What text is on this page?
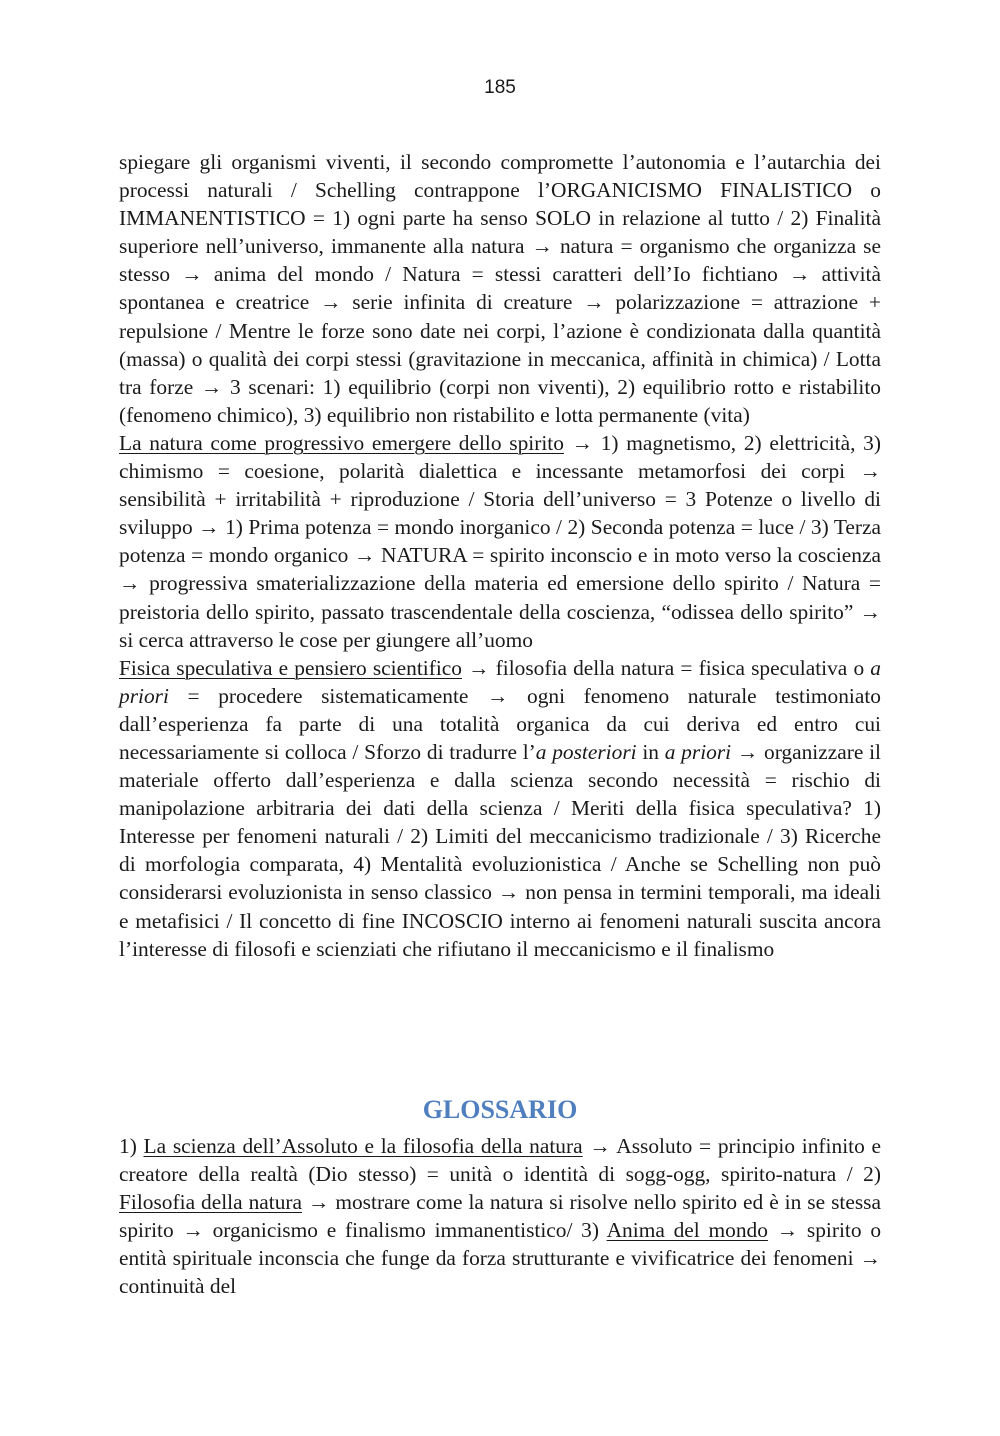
185

spiegare gli organismi viventi, il secondo compromette l’autonomia e l’autarchia dei processi naturali / Schelling contrappone l’ORGANICISMO FINALISTICO o IMMANENTISTICO = 1) ogni parte ha senso SOLO in relazione al tutto / 2) Finalità superiore nell’universo, immanente alla natura → natura = organismo che organizza se stesso → anima del mondo / Natura = stessi caratteri dell’Io fichtiano → attività spontanea e creatrice → serie infinita di creature → polarizzazione = attrazione + repulsione / Mentre le forze sono date nei corpi, l’azione è condizionata dalla quantità (massa) o qualità dei corpi stessi (gravitazione in meccanica, affinità in chimica) / Lotta tra forze → 3 scenari: 1) equilibrio (corpi non viventi), 2) equilibrio rotto e ristabilito (fenomeno chimico), 3) equilibrio non ristabilito e lotta permanente (vita)

La natura come progressivo emergere dello spirito → 1) magnetismo, 2) elettricità, 3) chimismo = coesione, polarità dialettica e incessante metamorfosi dei corpi → sensibilità + irritabilità + riproduzione / Storia dell’universo = 3 Potenze o livello di sviluppo → 1) Prima potenza = mondo inorganico / 2) Seconda potenza = luce / 3) Terza potenza = mondo organico → NATURA = spirito inconscio e in moto verso la coscienza → progressiva smaterializzazione della materia ed emersione dello spirito / Natura = preistoria dello spirito, passato trascendentale della coscienza, “odissea dello spirito” → si cerca attraverso le cose per giungere all’uomo

Fisica speculativa e pensiero scientifico → filosofia della natura = fisica speculativa o a priori = procedere sistematicamente → ogni fenomeno naturale testimoniato dall’esperienza fa parte di una totalità organica da cui deriva ed entro cui necessariamente si colloca / Sforzo di tradurre l’a posteriori in a priori → organizzare il materiale offerto dall’esperienza e dalla scienza secondo necessità = rischio di manipolazione arbitraria dei dati della scienza / Meriti della fisica speculativa? 1) Interesse per fenomeni naturali / 2) Limiti del meccanicismo tradizionale / 3) Ricerche di morfologia comparata, 4) Mentalità evoluzionistica / Anche se Schelling non può considerarsi evoluzionista in senso classico → non pensa in termini temporali, ma ideali e metafisici / Il concetto di fine INCOSCIO interno ai fenomeni naturali suscita ancora l’interesse di filosofi e scienziati che rifiutano il meccanicismo e il finalismo

GLOSSARIO

1) La scienza dell’Assoluto e la filosofia della natura → Assoluto = principio infinito e creatore della realtà (Dio stesso) = unità o identità di sogg-ogg, spirito-natura / 2) Filosofia della natura → mostrare come la natura si risolve nello spirito ed è in se stessa spirito → organicismo e finalismo immanentistico/ 3) Anima del mondo → spirito o entità spirituale inconscia che funge da forza strutturante e vivificatrice dei fenomeni → continuità del
